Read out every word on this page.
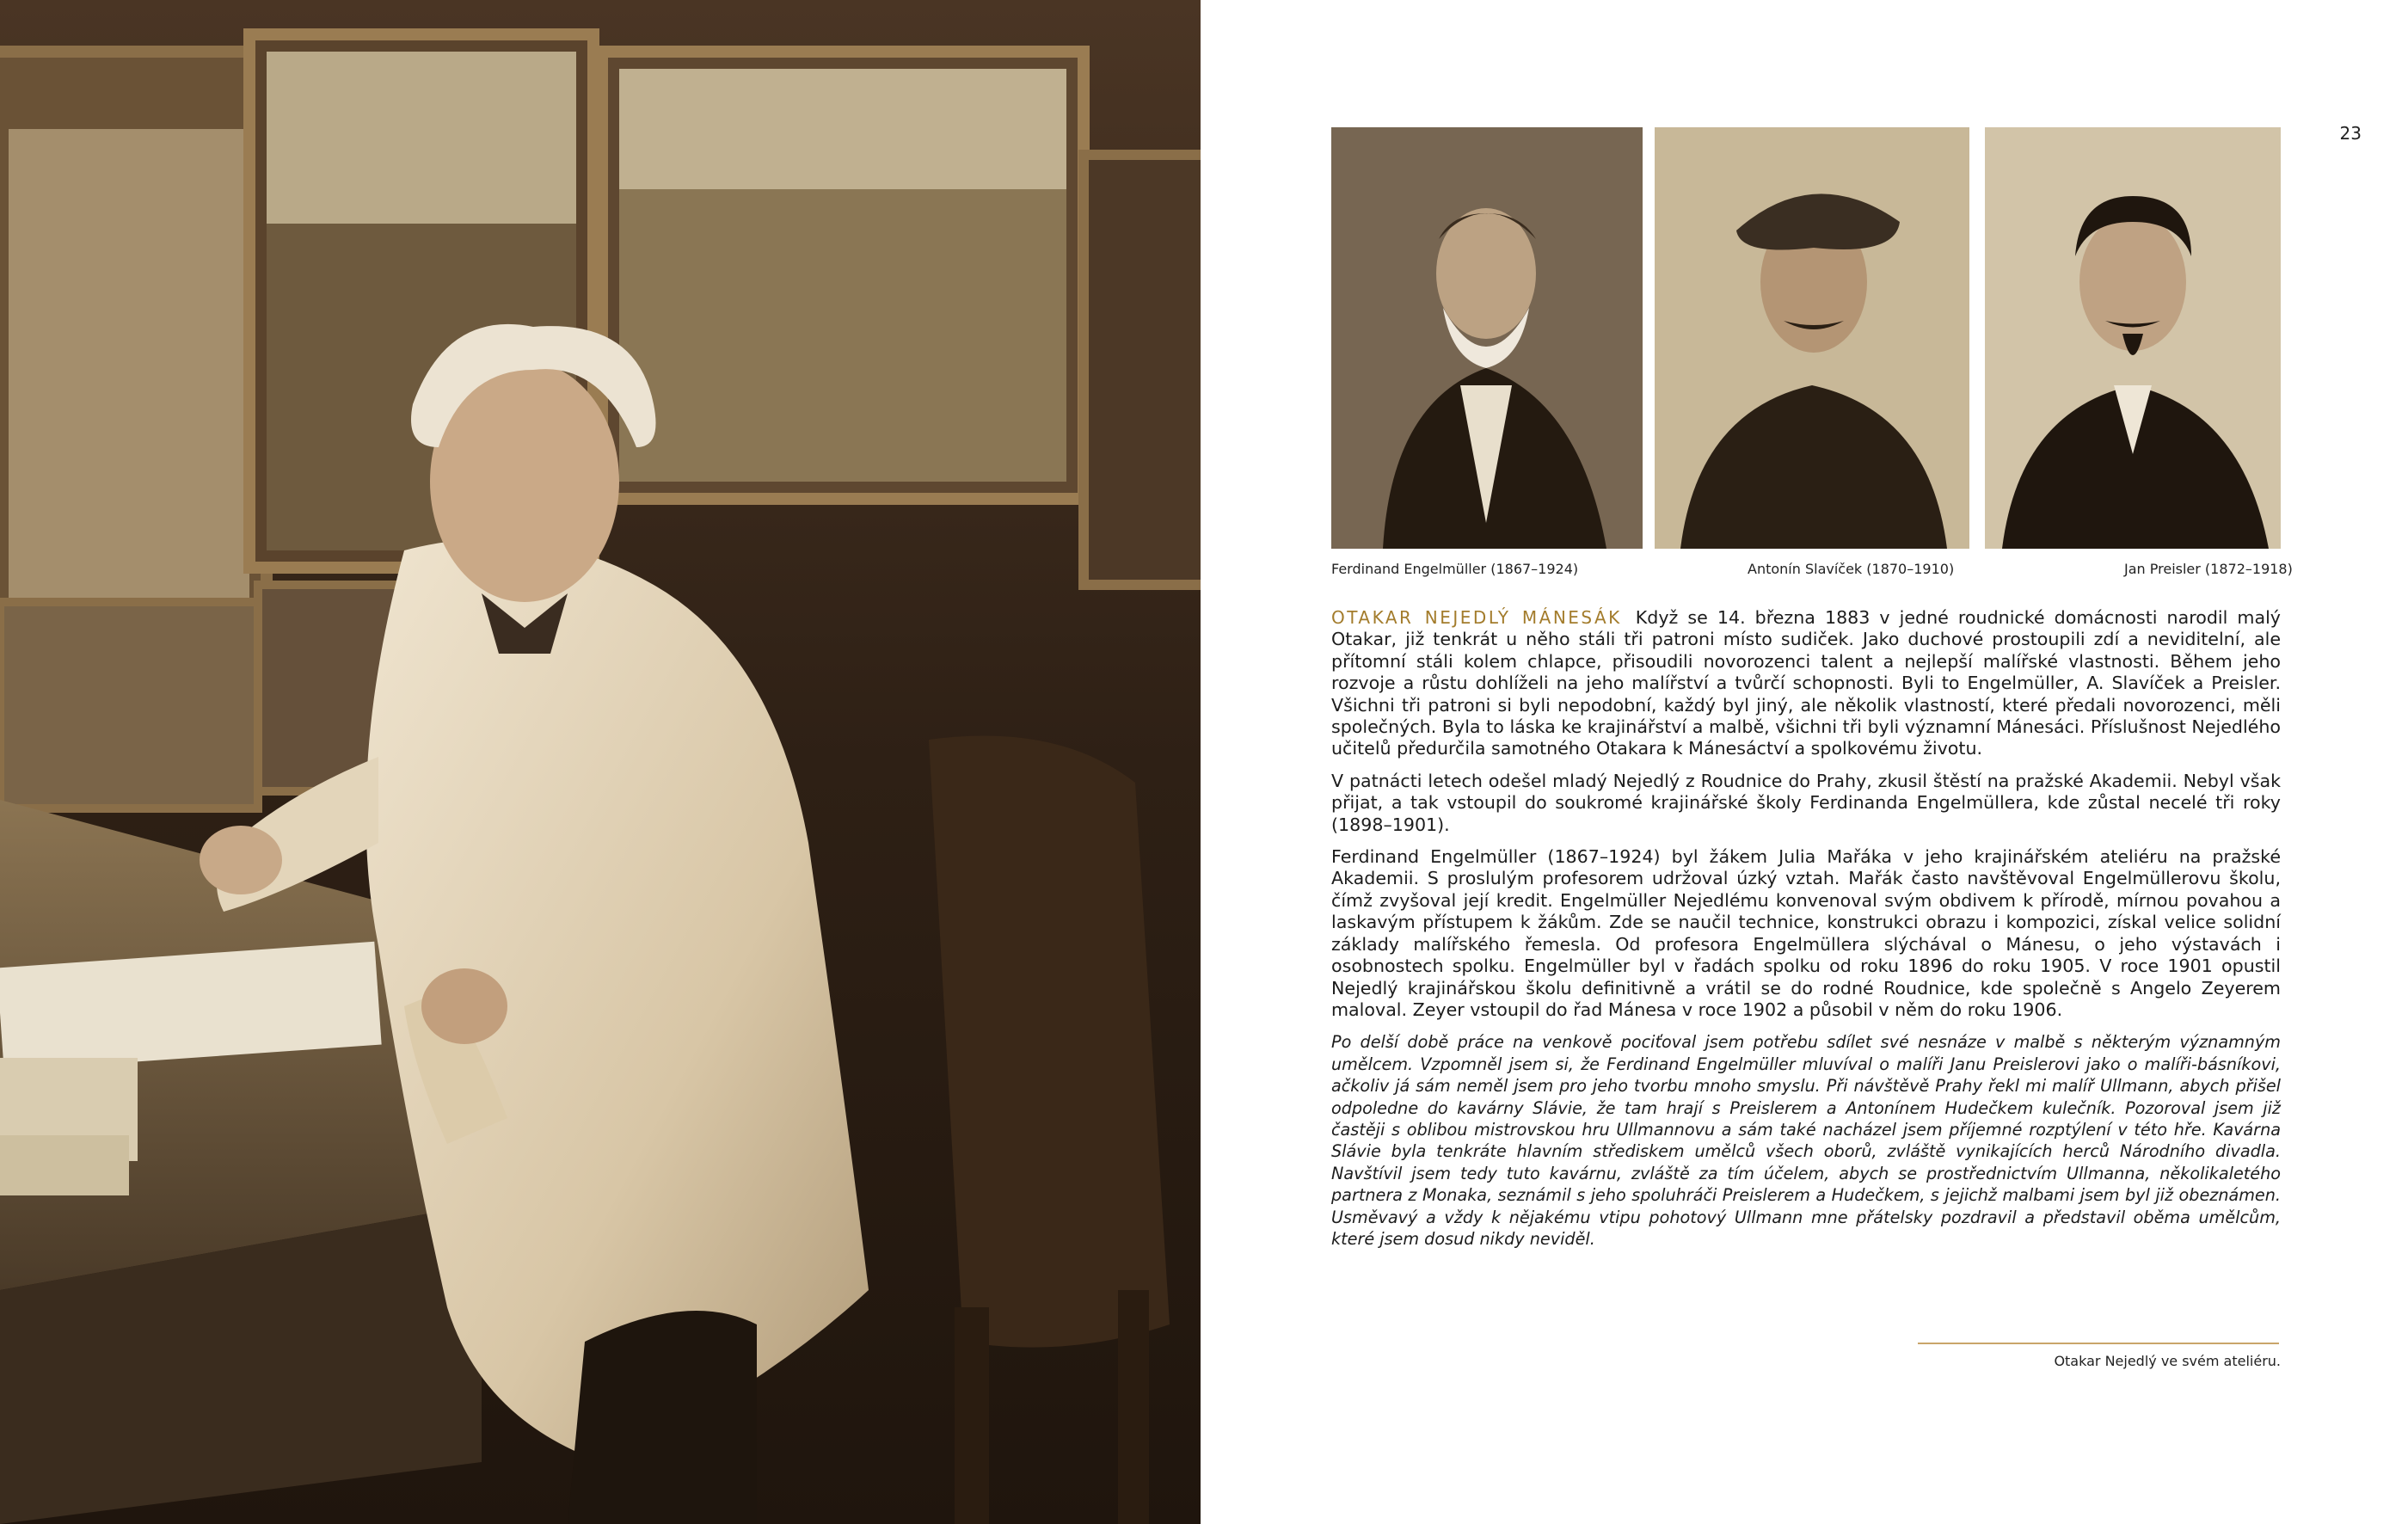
23
Ferdinand Engelmüller (1867–1924)	Antonín Slavíček (1870–1910)	Jan Preisler (1872–1918)

OTAKAR NEJEDLÝ MÁNESÁK Když se 14. března 1883 v jedné roudnické domácnosti narodil malý Otakar, již tenkrát u něho stáli tři patroni místo sudiček. Jako duchové prostoupili zdí a neviditelní, ale přítomní stáli kolem chlapce, přisoudili novorozenci talent a nejlepší malířské vlastnosti. Během jeho rozvoje a růstu dohlíželi na jeho malířství a tvůrčí schopnosti. Byli to Engelmüller, A. Slavíček a Preisler. Všichni tři patroni si byli nepodobní, každý byl jiný, ale několik vlastností, které předali novorozenci, měli společných. Byla to láska ke krajinářství a malbě, všichni tři byli významní Mánesáci. Příslušnost Nejedlého učitelů předurčila samotného Otakara k Mánesáctví a spolkovému životu.

V patnácti letech odešel mladý Nejedlý z Roudnice do Prahy, zkusil štěstí na pražské Akademii. Nebyl však přijat, a tak vstoupil do soukromé krajinářské školy Ferdinanda Engelmüllera, kde zůstal necelé tři roky (1898–1901).

Ferdinand Engelmüller (1867–1924) byl žákem Julia Mařáka v jeho krajinářském ateliéru na pražské Akademii. S proslulým profesorem udržoval úzký vztah. Mařák často navštěvoval Engelmüllerovu školu, čímž zvyšoval její kredit. Engelmüller Nejedlému konvenoval svým obdivem k přírodě, mírnou povahou a laskavým přístupem k žákům. Zde se naučil technice, konstrukci obrazu i kompozici, získal velice solidní základy malířského řemesla. Od profesora Engelmüllera slýchával o Mánesu, o jeho výstavách i osobnostech spolku. Engelmüller byl v řadách spolku od roku 1896 do roku 1905. V roce 1901 opustil Nejedlý krajinářskou školu definitivně a vrátil se do rodné Roudnice, kde společně s Angelo Zeyerem maloval. Zeyer vstoupil do řad Mánesa v roce 1902 a působil v něm do roku 1906.

Po delší době práce na venkově pociťoval jsem potřebu sdílet své nesnáze v malbě s některým významným umělcem. Vzpomněl jsem si, že Ferdinand Engelmüller mluvíval o malíři Janu Preislerovi jako o malíři-básníkovi, ačkoliv já sám neměl jsem pro jeho tvorbu mnoho smyslu. Při návštěvě Prahy řekl mi malíř Ullmann, abych přišel odpoledne do kavárny Slávie, že tam hrají s Preislerem a Antonínem Hudečkem kulečník. Pozoroval jsem již častěji s oblibou mistrovskou hru Ullmannovu a sám také nacházel jsem příjemné rozptýlení v této hře. Kavárna Slávie byla tenkráte hlavním střediskem umělců všech oborů, zvláště vynikajících herců Národního divadla. Navštívil jsem tedy tuto kavárnu, zvláště za tím účelem, abych se prostřednictvím Ullmanna, několikaletého partnera z Monaka, seznámil s jeho spoluhráči Preislerem a Hudečkem, s jejichž malbami jsem byl již obeznámen. Usměvavý a vždy k nějakému vtipu pohotový Ullmann mne přátelsky pozdravil a představil oběma umělcům, které jsem dosud nikdy neviděl.

Otakar Nejedlý ve svém ateliéru.
